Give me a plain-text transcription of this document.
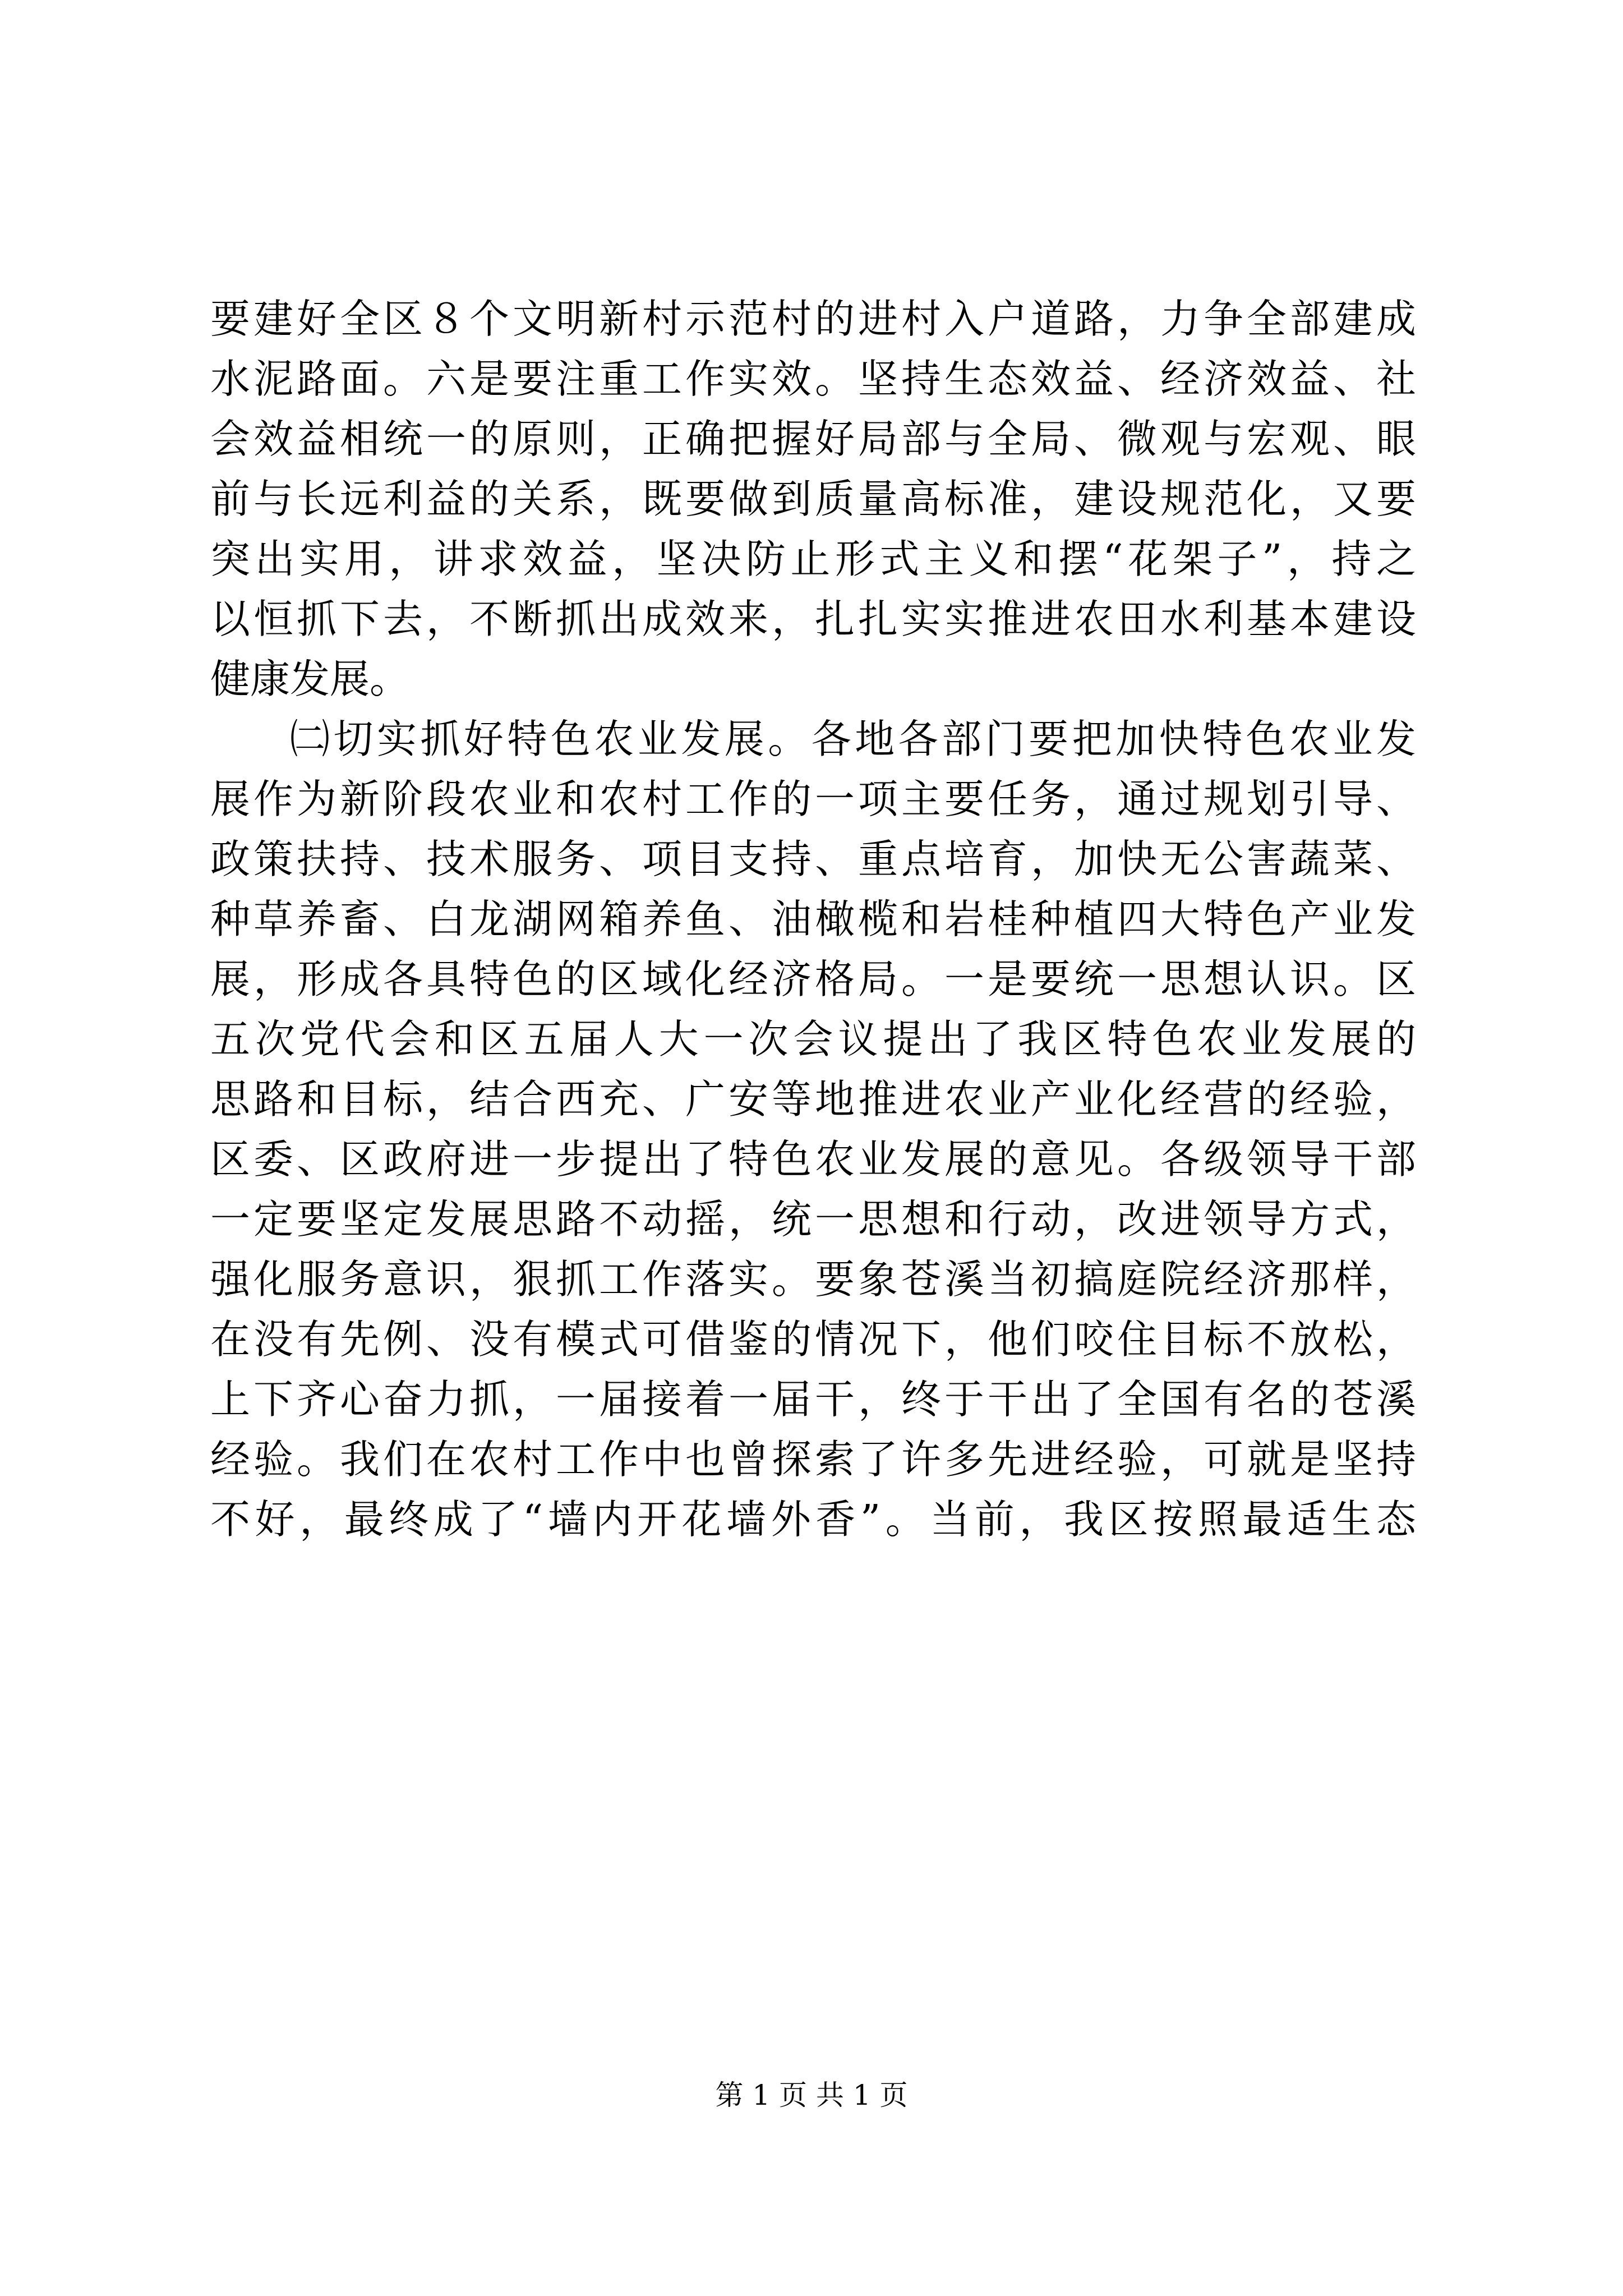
要建好全区８个文明新村示范村的进村入户道路，力争全部建成
水泥路面。六是要注重工作实效。坚持生态效益、经济效益、社
会效益相统一的原则，正确把握好局部与全局、微观与宏观、眼
前与长远利益的关系，既要做到质量高标准，建设规范化，又要
突出实用，讲求效益，坚决防止形式主义和摆“花架子”，持之
以恒抓下去，不断抓出成效来，扎扎实实推进农田水利基本建设
健康发展。
㈡切实抓好特色农业发展。各地各部门要把加快特色农业发
展作为新阶段农业和农村工作的一项主要任务，通过规划引导、
政策扶持、技术服务、项目支持、重点培育，加快无公害蔬菜、
种草养畜、白龙湖网箱养鱼、油橄榄和岩桂种植四大特色产业发
展，形成各具特色的区域化经济格局。一是要统一思想认识。区
五次党代会和区五届人大一次会议提出了我区特色农业发展的
思路和目标，结合西充、广安等地推进农业产业化经营的经验，
区委、区政府进一步提出了特色农业发展的意见。各级领导干部
一定要坚定发展思路不动摇，统一思想和行动，改进领导方式，
强化服务意识，狠抓工作落实。要象苍溪当初搞庭院经济那样，
在没有先例、没有模式可借鉴的情况下，他们咬住目标不放松，
上下齐心奋力抓，一届接着一届干，终于干出了全国有名的苍溪
经验。我们在农村工作中也曾探索了许多先进经验，可就是坚持
不好，最终成了“墙内开花墙外香”。当前，我区按照最适生态
第 1 页 共 1 页
